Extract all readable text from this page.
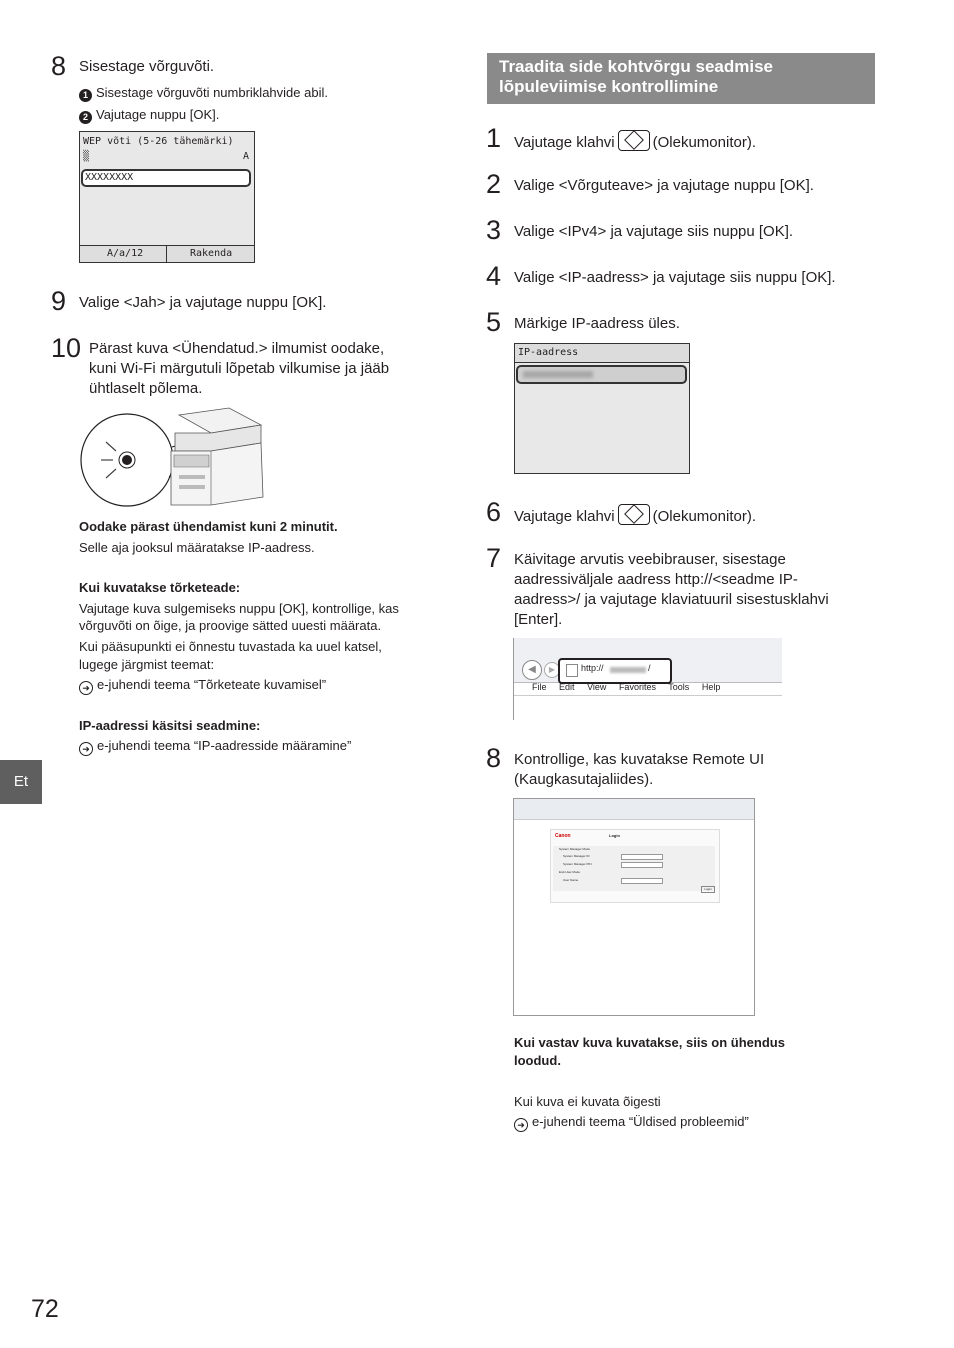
8 Sisestage võrguvõti.
1 Sisestage võrguvõti numbriklahvide abil.
2 Vajutage nuppu [OK].
WEP võti (5-26 tähemärki)
▒	A
XXXXXXXX
A/a/12	Rakenda
9 Valige <Jah> ja vajutage nuppu [OK].
10 Pärast kuva <Ühendatud.> ilmumist oodake,
kuni Wi-Fi märgutuli lõpetab vilkumise ja jääb
ühtlaselt põlema.
Oodake pärast ühendamist kuni 2 minutit.
Selle aja jooksul määratakse IP-aadress.
Kui kuvatakse tõrketeade:
Vajutage kuva sulgemiseks nuppu [OK], kontrollige, kas
võrguvõti on õige, ja proovige sätted uuesti määrata.
Kui pääsupunkti ei õnnestu tuvastada ka uuel katsel,
lugege järgmist teemat:
➜ e-juhendi teema “Tõrketeate kuvamisel”
IP-aadressi käsitsi seadmine:
➜ e-juhendi teema “IP-aadresside määramine”
Et
72
Traadita side kohtvõrgu seadmise
lõpuleviimise kontrollimine
1 Vajutage klahvi	(Olekumonitor).
2 Valige <Võrguteave> ja vajutage nuppu [OK].
3 Valige <IPv4> ja vajutage siis nuppu [OK].
4 Valige <IP-aadress> ja vajutage siis nuppu [OK].
5 Märkige IP-aadress üles.
IP-aadress
6 Vajutage klahvi	(Olekumonitor).
7 Käivitage arvutis veebibrauser, sisestage
aadressiväljale aadress http://<seadme IP-
aadress>/ ja vajutage klaviatuuril sisestusklahvi
[Enter].
◀	▶	http://	/
File Edit View Favorites Tools Help
8 Kontrollige, kas kuvatakse Remote UI
(Kaugkasutajaliides).
Canon	Login
System Manager Mode
System Manager ID
System Manager PIN
End-User Mode
User Name
Login
Kui vastav kuva kuvatakse, siis on ühendus
loodud.
Kui kuva ei kuvata õigesti
➜ e-juhendi teema “Üldised probleemid”
